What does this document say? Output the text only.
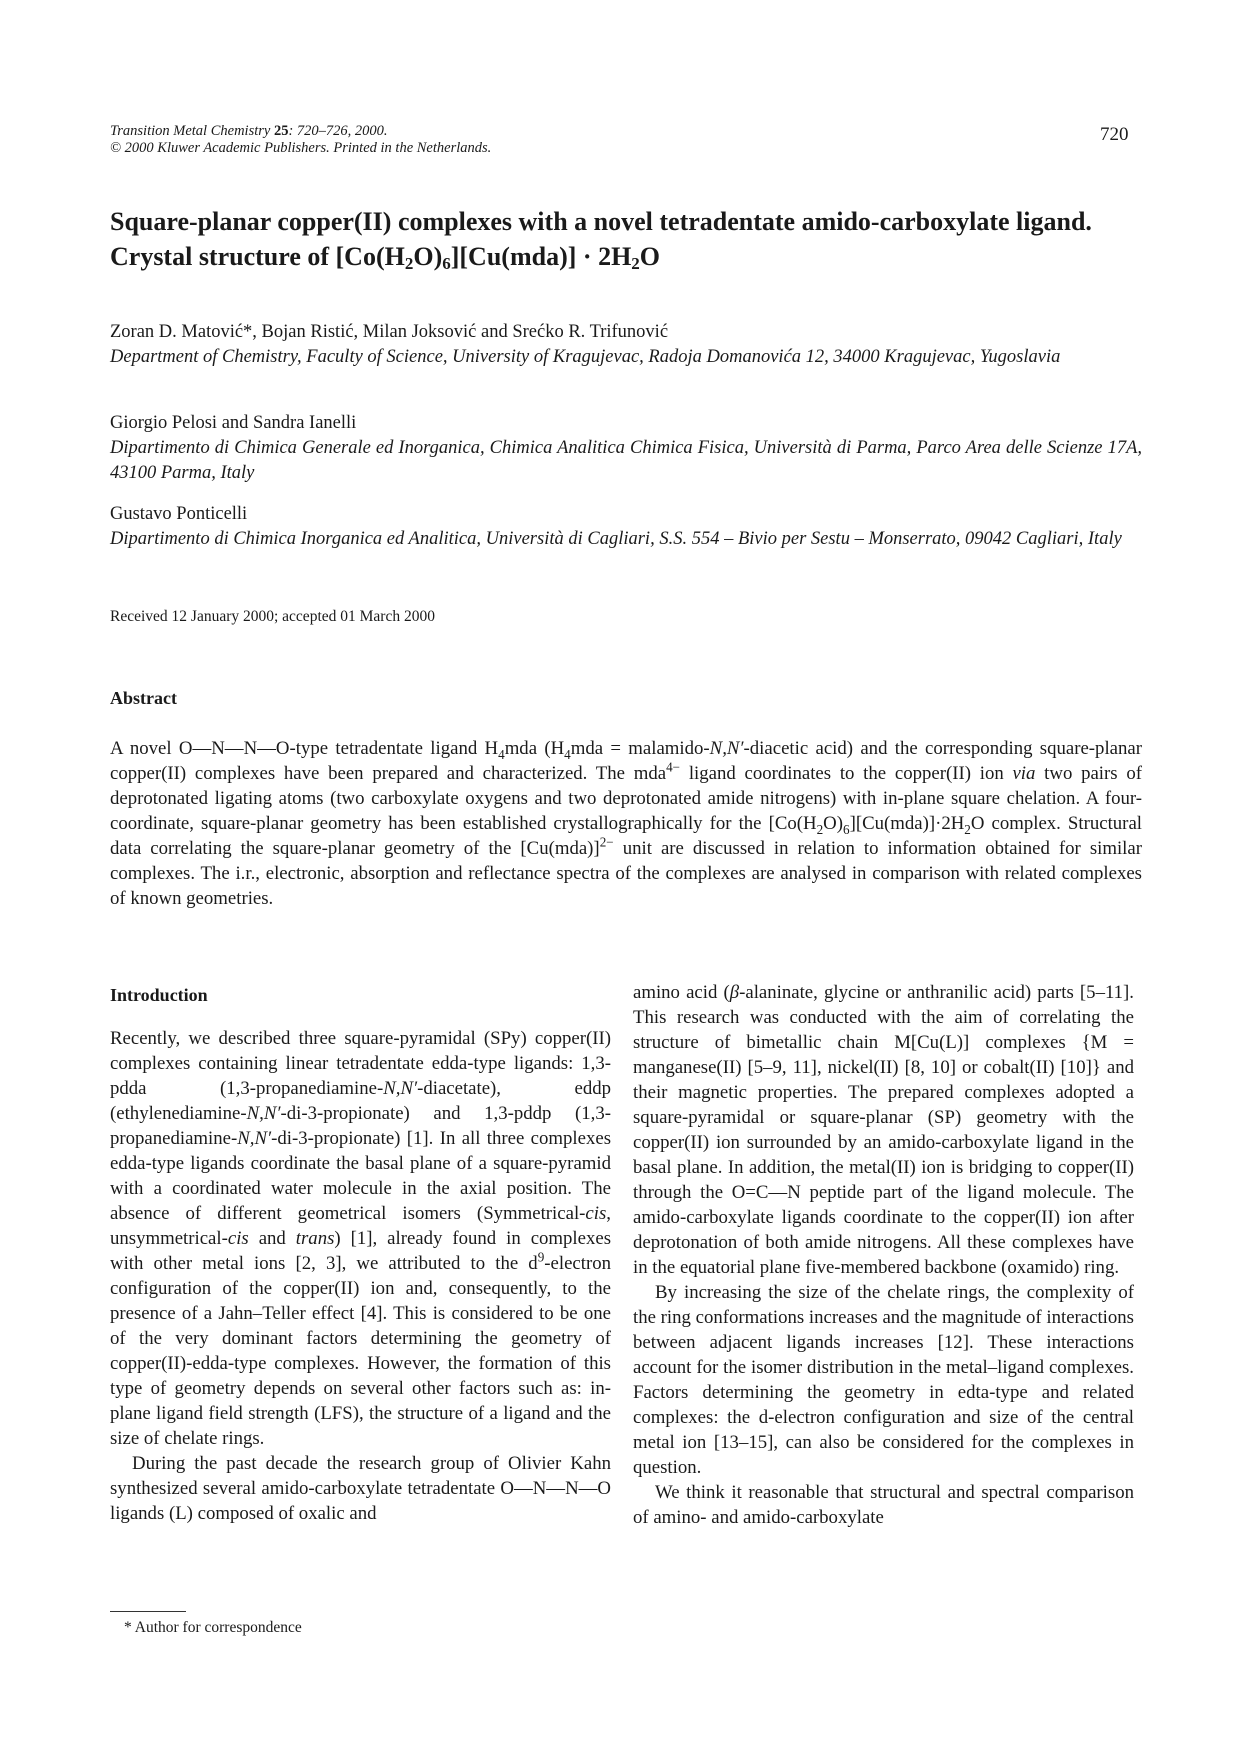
Transition Metal Chemistry 25: 720–726, 2000.
© 2000 Kluwer Academic Publishers. Printed in the Netherlands.
720
Square-planar copper(II) complexes with a novel tetradentate amido-carboxylate ligand. Crystal structure of $[Co(H_2O)_6][Cu(mda)] \cdot 2H_2O$
Zoran D. Matović*, Bojan Ristić, Milan Joksović and Srećko R. Trifunović
Department of Chemistry, Faculty of Science, University of Kragujevac, Radoja Domanovića 12, 34000 Kragujevac, Yugoslavia
Giorgio Pelosi and Sandra Ianelli
Dipartimento di Chimica Generale ed Inorganica, Chimica Analitica Chimica Fisica, Università di Parma, Parco Area delle Scienze 17A, 43100 Parma, Italy
Gustavo Ponticelli
Dipartimento di Chimica Inorganica ed Analitica, Università di Cagliari, S.S. 554 – Bivio per Sestu – Monserrato, 09042 Cagliari, Italy
Received 12 January 2000; accepted 01 March 2000
Abstract
A novel O—N—N—O-type tetradentate ligand $H_4mda$ ($H_4mda$ = malamido-N,N′-diacetic acid) and the corresponding square-planar copper(II) complexes have been prepared and characterized. The mda$^{4-}$ ligand coordinates to the copper(II) ion via two pairs of deprotonated ligating atoms (two carboxylate oxygens and two deprotonated amide nitrogens) with in-plane square chelation. A four-coordinate, square-planar geometry has been established crystallographically for the $[Co(H_2O)_6][Cu(mda)]\cdot 2H_2O$ complex. Structural data correlating the square-planar geometry of the $[Cu(mda)]^{2-}$ unit are discussed in relation to information obtained for similar complexes. The i.r., electronic, absorption and reflectance spectra of the complexes are analysed in comparison with related complexes of known geometries.
Introduction

Recently, we described three square-pyramidal (SPy) copper(II) complexes containing linear tetradentate edda-type ligands: 1,3-pdda (1,3-propanediamine-N,N′-diacetate), eddp (ethylenediamine-N,N′-di-3-propionate) and 1,3-pddp (1,3-propanediamine-N,N′-di-3-propionate) [1]. In all three complexes edda-type ligands coordinate the basal plane of a square-pyramid with a coordinated water molecule in the axial position. The absence of different geometrical isomers (Symmetrical-cis, unsymmetrical-cis and trans) [1], already found in complexes with other metal ions [2, 3], we attributed to the $d^9$-electron configuration of the copper(II) ion and, consequently, to the presence of a Jahn–Teller effect [4]. This is considered to be one of the very dominant factors determining the geometry of copper(II)-edda-type complexes. However, the formation of this type of geometry depends on several other factors such as: in-plane ligand field strength (LFS), the structure of a ligand and the size of chelate rings.

During the past decade the research group of Olivier Kahn synthesized several amido-carboxylate tetradentate O—N—N—O ligands (L) composed of oxalic and

amino acid (β-alaninate, glycine or anthranilic acid) parts [5–11]. This research was conducted with the aim of correlating the structure of bimetallic chain M[Cu(L)] complexes {M = manganese(II) [5–9, 11], nickel(II) [8, 10] or cobalt(II) [10]} and their magnetic properties. The prepared complexes adopted a square-pyramidal or square-planar (SP) geometry with the copper(II) ion surrounded by an amido-carboxylate ligand in the basal plane. In addition, the metal(II) ion is bridging to copper(II) through the O=C—N peptide part of the ligand molecule. The amido-carboxylate ligands coordinate to the copper(II) ion after deprotonation of both amide nitrogens. All these complexes have in the equatorial plane five-membered backbone (oxamido) ring.

By increasing the size of the chelate rings, the complexity of the ring conformations increases and the magnitude of interactions between adjacent ligands increases [12]. These interactions account for the isomer distribution in the metal–ligand complexes. Factors determining the geometry in edta-type and related complexes: the d-electron configuration and size of the central metal ion [13–15], can also be considered for the complexes in question.

We think it reasonable that structural and spectral comparison of amino- and amido-carboxylate

* Author for correspondence
